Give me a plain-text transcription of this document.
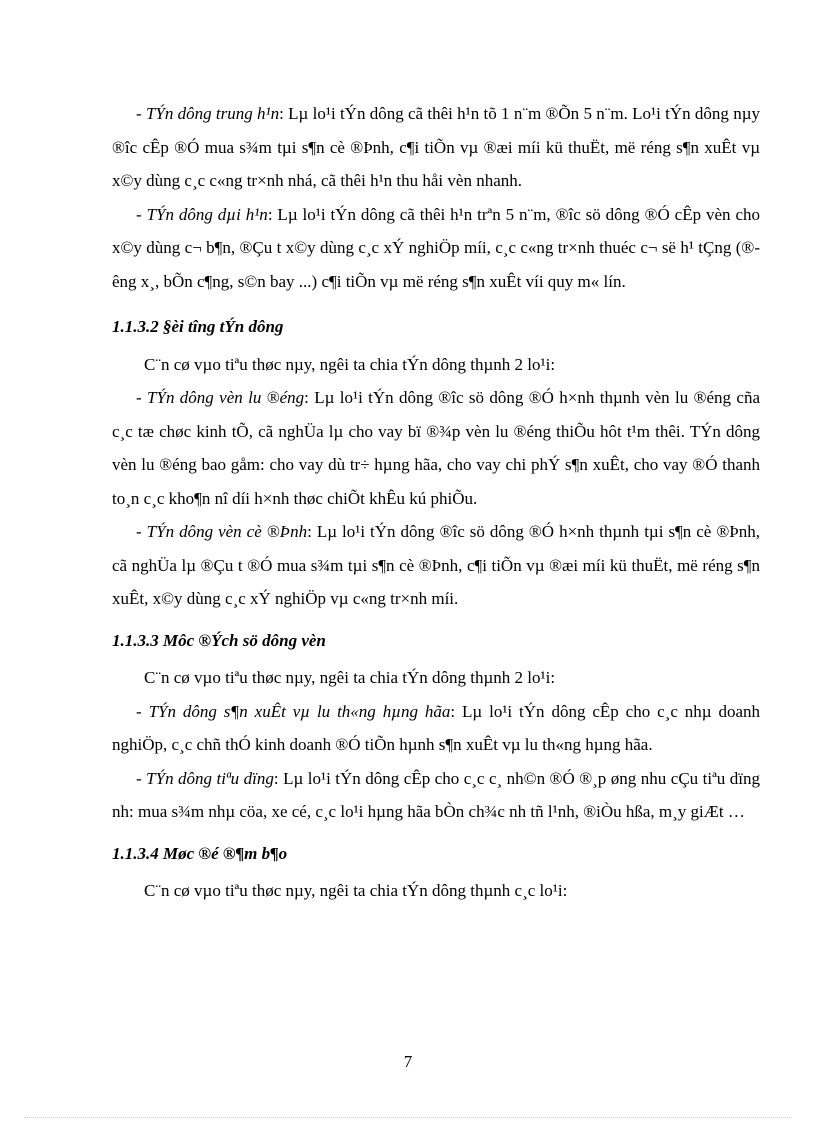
- TÝn dông trung h¹n: Lµ lo¹i tÝn dông cã thêi h¹n tõ 1 n¨m ®Õn 5 n¨m. Lo¹i tÝn dông nµy ®îc cÊp ®Ó mua s¾m tµi s¶n cè ®Þnh, c¶i tiÕn vµ ®æi míi kü thuËt, më réng s¶n xuÊt vµ x©y dùng c¸c c«ng tr×nh nhá, cã thêi h¹n thu håi vèn nhanh.

- TÝn dông dµi h¹n: Lµ lo¹i tÝn dông cã thêi h¹n trªn 5 n¨m, ®îc sö dông ®Ó cÊp vèn cho x©y dùng c¬ b¶n, ®Çu t x©y dùng c¸c xÝ nghiÖp míi, c¸c c«ng tr×nh thuéc c¬ së h¹ tÇng (®êng x¸, bÕn c¶ng, s©n bay ...) c¶i tiÕn vµ më réng s¶n xuÊt víi quy m« lín.

1.1.3.2 §èi tîng tÝn dông

C¨n cø vµo tiªu thøc nµy, ngêi ta chia tÝn dông thµnh 2 lo¹i:

- TÝn dông vèn lu ®éng: Lµ lo¹i tÝn dông ®îc sö dông ®Ó h×nh thµnh vèn lu ®éng cña c¸c tæ chøc kinh tÕ, cã nghÜa lµ cho vay bï ®¾p vèn lu ®éng thiÕu hôt t¹m thêi. TÝn dông vèn lu ®éng bao gåm: cho vay dù tr÷ hµng hãa, cho vay chi phÝ s¶n xuÊt, cho vay ®Ó thanh to¸n c¸c kho¶n nî díi h×nh thøc chiÕt khÊu kú phiÕu.

- TÝn dông vèn cè ®Þnh: Lµ lo¹i tÝn dông ®îc sö dông ®Ó h×nh thµnh tµi s¶n cè ®Þnh, cã nghÜa lµ ®Çu t ®Ó mua s¾m tµi s¶n cè ®Þnh, c¶i tiÕn vµ ®æi míi kü thuËt, më réng s¶n xuÊt, x©y dùng c¸c xÝ nghiÖp vµ c«ng tr×nh míi.

1.1.3.3 Môc ®Ých sö dông vèn

C¨n cø vµo tiªu thøc nµy, ngêi ta chia tÝn dông thµnh 2 lo¹i:

- TÝn dông s¶n xuÊt vµ lu th«ng hµng hãa: Lµ lo¹i tÝn dông cÊp cho c¸c nhµ doanh nghiÖp, c¸c chñ thÓ kinh doanh ®Ó tiÕn hµnh s¶n xuÊt vµ lu th«ng hµng hãa.

- TÝn dông tiªu dïng: Lµ lo¹i tÝn dông cÊp cho c¸c c¸ nh©n ®Ó ®¸p øng nhu cÇu tiªu dïng nh: mua s¾m nhµ cöa, xe cé, c¸c lo¹i hµng hãa bÒn ch¾c nh tñ l¹nh, ®iÒu hßa, m¸y giÆt …

1.1.3.4 Møc ®é ®¶m b¶o

C¨n cø vµo tiªu thøc nµy, ngêi ta chia tÝn dông thµnh c¸c lo¹i:

7
